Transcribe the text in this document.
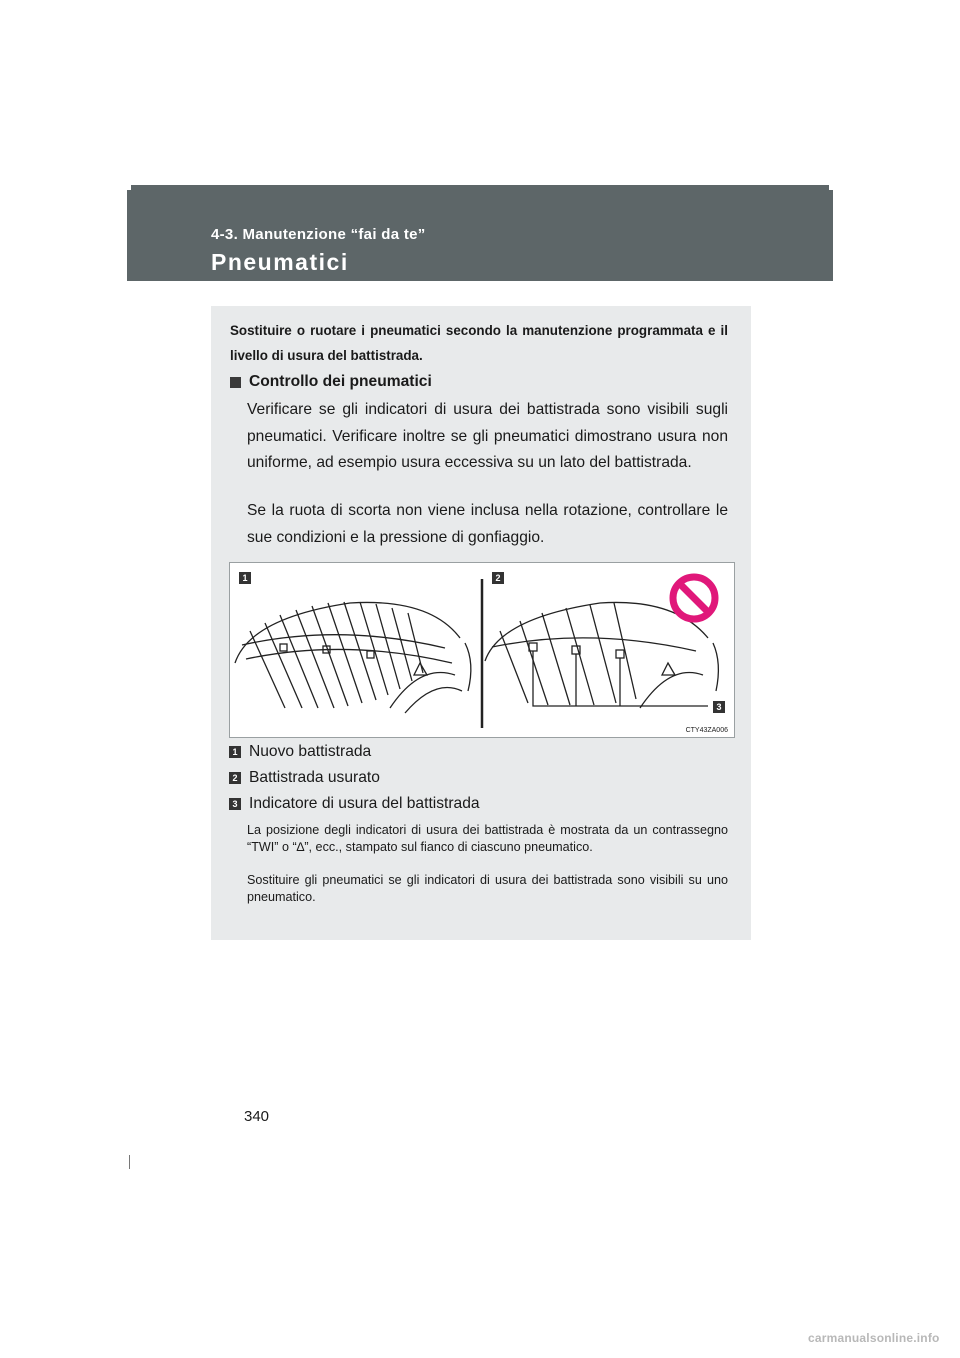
4-3. Manutenzione “fai da te”
Pneumatici
Sostituire o ruotare i pneumatici secondo la manutenzione programmata e il livello di usura del battistrada.
Controllo dei pneumatici
Verificare se gli indicatori di usura dei battistrada sono visibili sugli pneumatici. Verificare inoltre se gli pneumatici dimostrano usura non uniforme, ad esempio usura eccessiva su un lato del battistrada.
Se la ruota di scorta non viene inclusa nella rotazione, controllare le sue condizioni e la pressione di gonfiaggio.
1	2
3
CTY43ZA006
1 Nuovo battistrada
2 Battistrada usurato
3 Indicatore di usura del battistrada
La posizione degli indicatori di usura dei battistrada è mostrata da un contrassegno “TWI” o “∆”, ecc., stampato sul fianco di ciascuno pneumatico.
Sostituire gli pneumatici se gli indicatori di usura dei battistrada sono visibili su uno pneumatico.
340
carmanualsonline.info
